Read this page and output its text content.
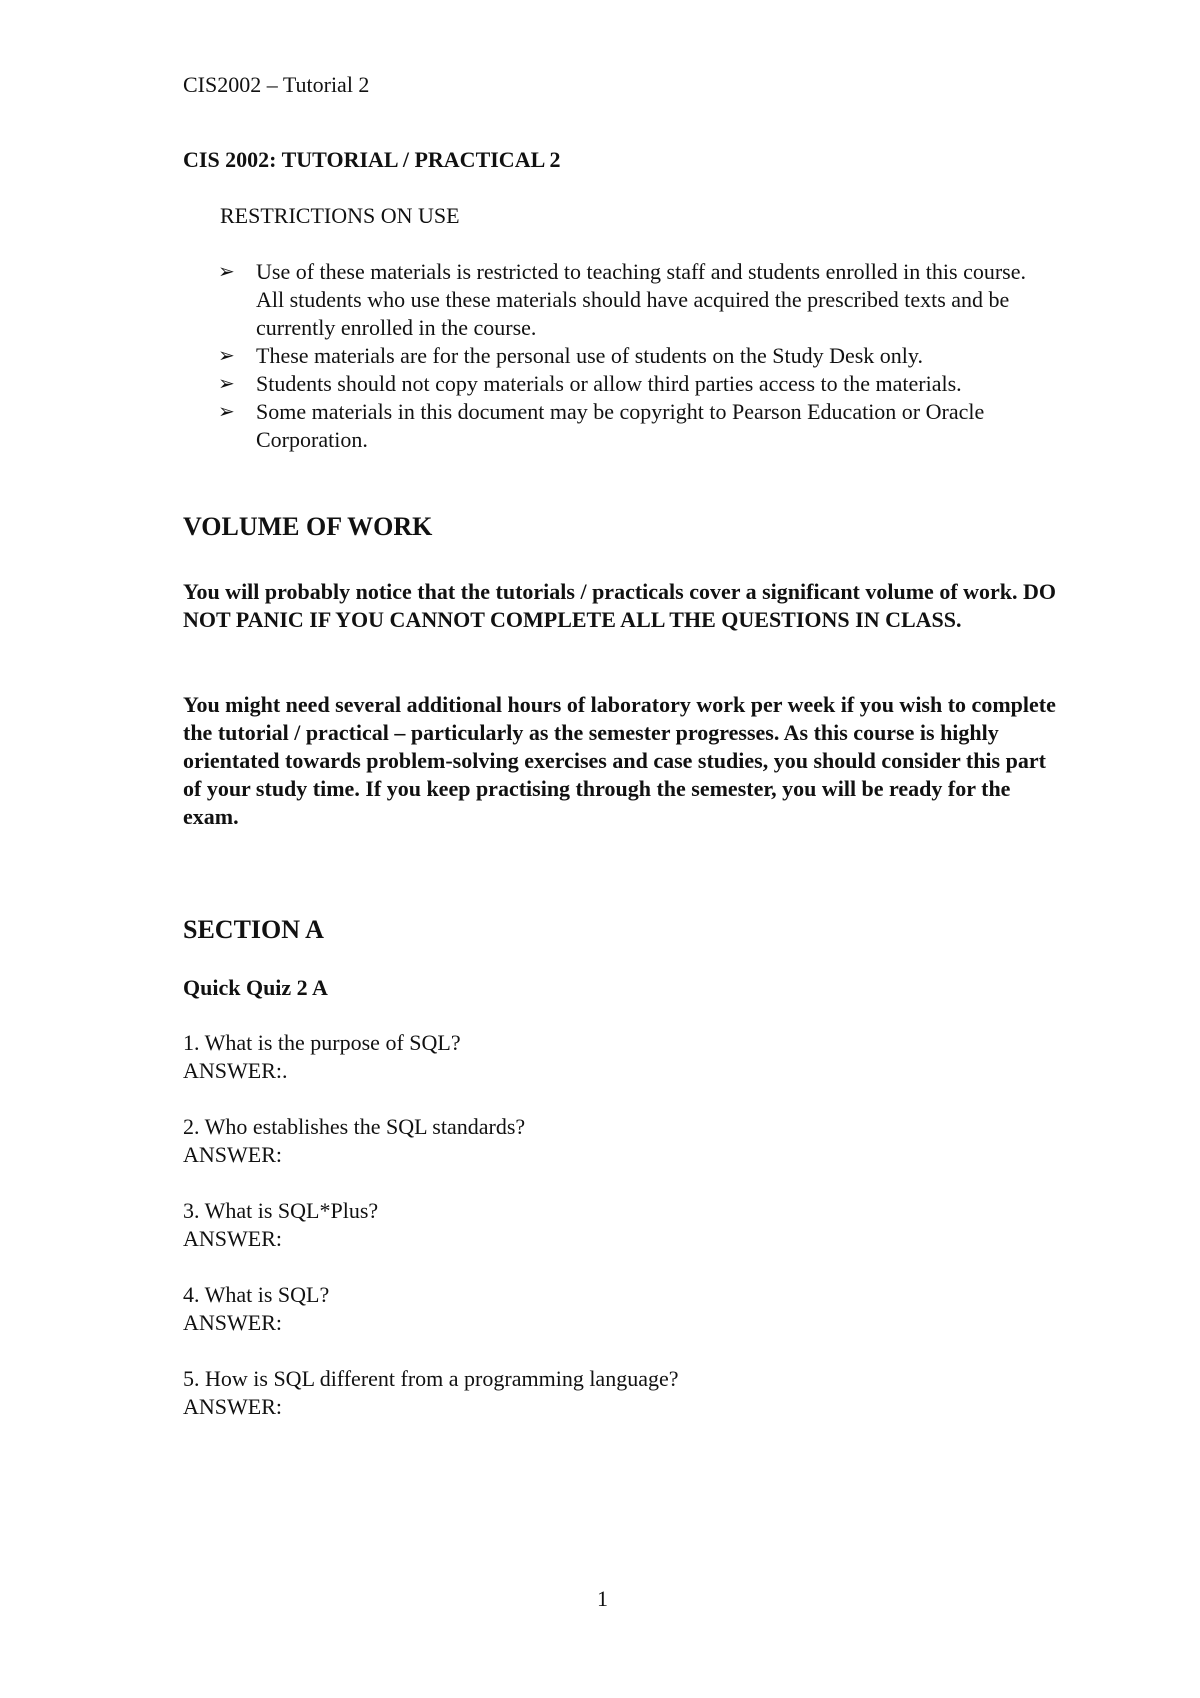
CIS2002 – Tutorial 2
CIS 2002: TUTORIAL / PRACTICAL 2
RESTRICTIONS ON USE
➢ Use of these materials is restricted to teaching staff and students enrolled in this course. All students who use these materials should have acquired the prescribed texts and be currently enrolled in the course.
➢ These materials are for the personal use of students on the Study Desk only.
➢ Students should not copy materials or allow third parties access to the materials.
➢ Some materials in this document may be copyright to Pearson Education or Oracle Corporation.
VOLUME OF WORK

You will probably notice that the tutorials / practicals cover a significant volume of work. DO NOT PANIC IF YOU CANNOT COMPLETE ALL THE QUESTIONS IN CLASS.

You might need several additional hours of laboratory work per week if you wish to complete the tutorial / practical – particularly as the semester progresses. As this course is highly orientated towards problem-solving exercises and case studies, you should consider this part of your study time. If you keep practising through the semester, you will be ready for the exam.

SECTION A
Quick Quiz 2 A
1. What is the purpose of SQL?
ANSWER:.
2. Who establishes the SQL standards?
ANSWER:
3. What is SQL*Plus?
ANSWER:
4. What is SQL?
ANSWER:
5. How is SQL different from a programming language?
ANSWER:
1
